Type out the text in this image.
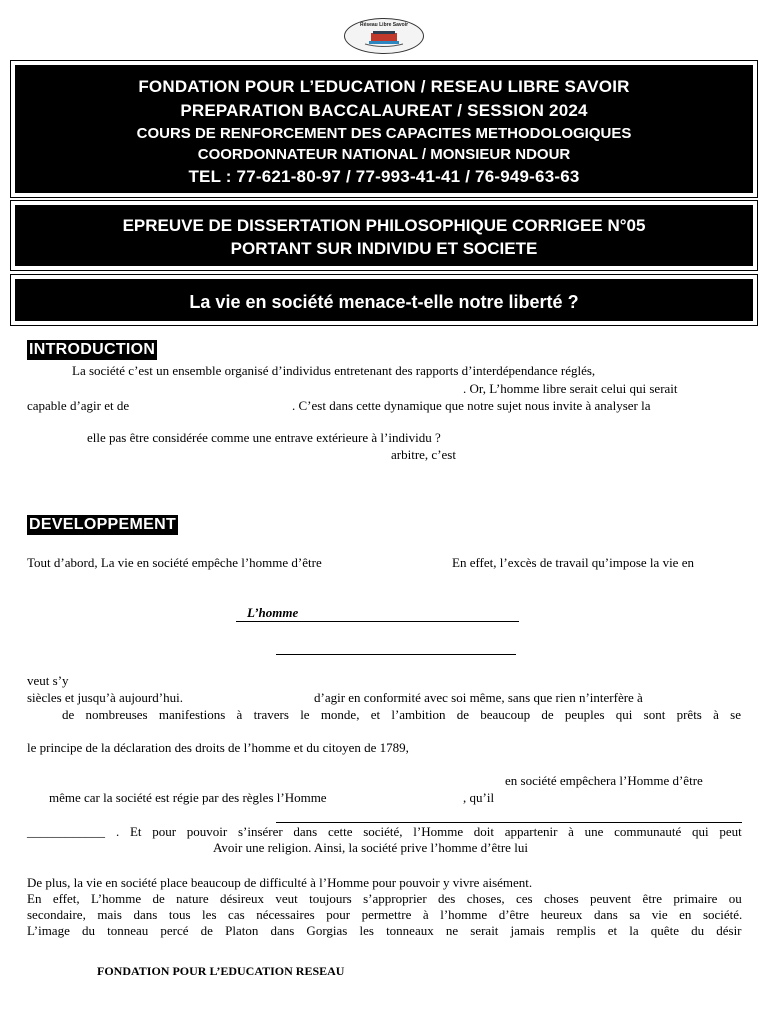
Réseau Libre Savoir
FONDATION POUR L’EDUCATION / RESEAU LIBRE SAVOIR
PREPARATION BACCALAUREAT / SESSION 2024
COURS DE RENFORCEMENT DES CAPACITES METHODOLOGIQUES
COORDONNATEUR NATIONAL / MONSIEUR NDOUR
TEL : 77-621-80-97 / 77-993-41-41 / 76-949-63-63
EPREUVE DE DISSERTATION PHILOSOPHIQUE CORRIGEE N°05
PORTANT SUR INDIVIDU ET SOCIETE
La vie en société menace-t-elle notre liberté ?
INTRODUCTION
La société c’est un ensemble organisé d’individus entretenant des rapports d’interdépendance réglés,
. Or, L’homme libre serait celui qui serait
capable d’agir et de	. C’est dans cette dynamique que notre sujet nous invite à analyser la
elle pas être considérée comme une entrave extérieure à l’individu ?
arbitre, c’est
DEVELOPPEMENT
Tout d’abord, La vie en société empêche l’homme d’être	En effet, l’excès de travail qu’impose la vie en
L’homme
veut s’y
siècles et jusqu’à aujourd’hui.	d’agir en conformité avec soi même, sans que rien n’interfère à
de nombreuses manifestions à travers le monde, et l’ambition de beaucoup de peuples qui sont prêts à se
le principe de la déclaration des droits de l’homme et du citoyen de 1789,
en société empêchera l’Homme d’être
même car la société est régie par des règles l’Homme	, qu’il
____________ . Et pour pouvoir s’insérer dans cette société, l’Homme doit appartenir à une communauté qui peut
Avoir une religion. Ainsi, la société prive l’homme d’être lui
De plus, la vie en société place beaucoup de difficulté à l’Homme pour pouvoir y vivre aisément.
En effet, L’homme de nature désireux veut toujours s’approprier des choses, ces choses peuvent être primaire ou
secondaire, mais dans tous les cas nécessaires pour permettre à l’homme d’être heureux dans sa vie en société.
L’image du tonneau percé de Platon dans Gorgias les tonneaux ne serait jamais remplis et la quête du désir
FONDATION POUR L’EDUCATION RESEAU
